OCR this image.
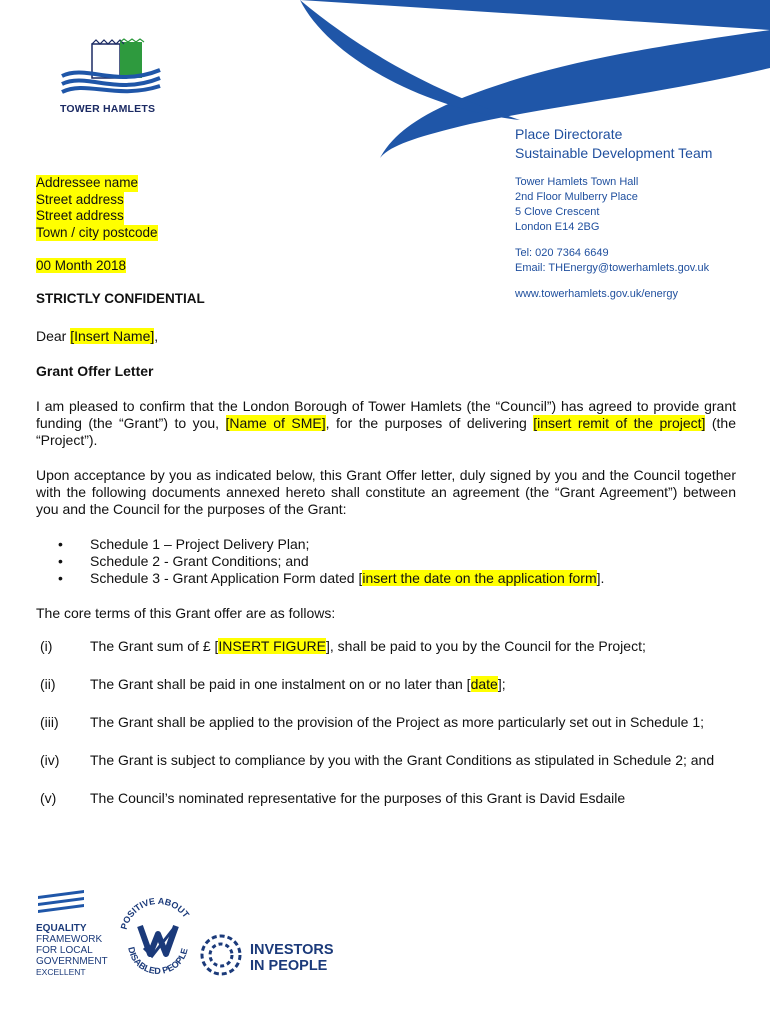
TOWER HAMLETS
Place Directorate
Sustainable Development Team
Tower Hamlets Town Hall
2nd Floor Mulberry Place
5 Clove Crescent
London E14 2BG
Tel: 020 7364 6649
Email: THEnergy@towerhamlets.gov.uk
www.towerhamlets.gov.uk/energy
Addressee name
Street address
Street address
Town / city postcode
00 Month 2018
STRICTLY CONFIDENTIAL

Dear [Insert Name],

Grant Offer Letter

I am pleased to confirm that the London Borough of Tower Hamlets (the “Council”) has agreed to provide grant funding (the “Grant”) to you, [Name of SME], for the purposes of delivering [insert remit of the project] (the “Project”).

Upon acceptance by you as indicated below, this Grant Offer letter, duly signed by you and the Council together with the following documents annexed hereto shall constitute an agreement (the “Grant Agreement”) between you and the Council for the purposes of the Grant:

• Schedule 1 – Project Delivery Plan;
• Schedule 2 - Grant Conditions; and
• Schedule 3 - Grant Application Form dated [insert the date on the application form].

The core terms of this Grant offer are as follows:

(i)	The Grant sum of £ [INSERT FIGURE], shall be paid to you by the Council for the Project;
(ii)	The Grant shall be paid in one instalment on or no later than [date];
(iii)	The Grant shall be applied to the provision of the Project as more particularly set out in Schedule 1;
(iv)	The Grant is subject to compliance by you with the Grant Conditions as stipulated in Schedule 2; and
(v)	The Council’s nominated representative for the purposes of this Grant is David Esdaile
EQUALITY
FRAMEWORK
FOR LOCAL
GOVERNMENT
EXCELLENT
POSITIVE ABOUT
DISABLED PEOPLE	INVESTORS
IN PEOPLE
